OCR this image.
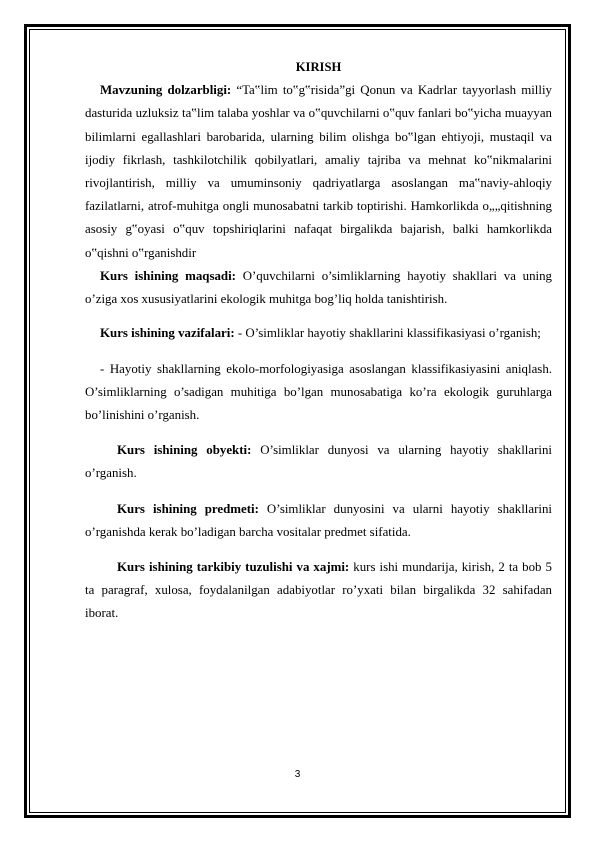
KIRISH

Mavzuning dolzarbligi: “Ta‟lim to‟g‟risida”gi Qonun va Kadrlar tayyorlash milliy dasturida uzluksiz ta‟lim talaba yoshlar va o‟quvchilarni o‟quv fanlari bo‟yicha muayyan bilimlarni egallashlari barobarida, ularning bilim olishga bo‟lgan ehtiyoji, mustaqil va ijodiy fikrlash, tashkilotchilik qobilyatlari, amaliy tajriba va mehnat ko‟nikmalarini rivojlantirish, milliy va umuminsoniy qadriyatlarga asoslangan ma‟naviy-ahloqiy fazilatlarni, atrof-muhitga ongli munosabatni tarkib toptirishi. Hamkorlikda o„„qitishning asosiy g‟oyasi o‟quv topshiriqlarini nafaqat birgalikda bajarish, balki hamkorlikda o‟qishni o‟rganishdir

Kurs ishining maqsadi: O’quvchilarni o’simliklarning hayotiy shakllari va uning o’ziga xos xususiyatlarini ekologik muhitga bog’liq holda tanishtirish.

Kurs ishining vazifalari: - O’simliklar hayotiy shakllarini klassifikasiyasi o’rganish;

- Hayotiy shakllarning ekolo-morfologiyasiga asoslangan klassifikasiyasini aniqlash. O’simliklarning o’sadigan muhitiga bo’lgan munosabatiga ko’ra ekologik guruhlarga bo’linishini o’rganish.

Kurs ishining obyekti: O’simliklar dunyosi va ularning hayotiy shakllarini o’rganish.

Kurs ishining predmeti: O’simliklar dunyosini va ularni hayotiy shakllarini o’rganishda kerak bo’ladigan barcha vositalar predmet sifatida.

Kurs ishining tarkibiy tuzulishi va xajmi: kurs ishi mundarija, kirish, 2 ta bob 5 ta paragraf, xulosa, foydalanilgan adabiyotlar ro’yxati bilan birgalikda 32 sahifadan iborat.

3
